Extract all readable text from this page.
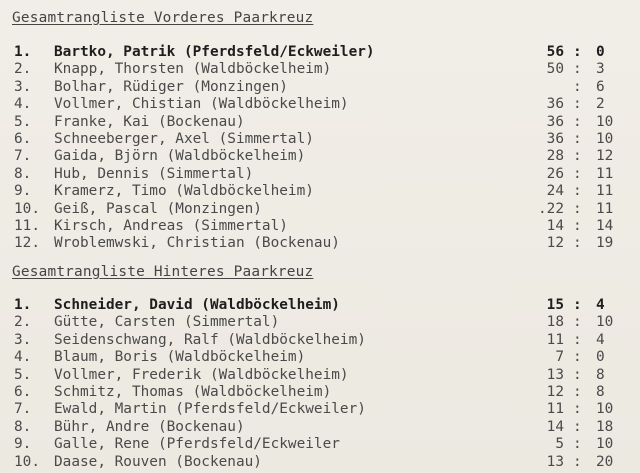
Gesamtrangliste Vorderes Paarkreuz
1. Bartko, Patrik (Pferdsfeld/Eckweiler)	56 : 0
2. Knapp, Thorsten (Waldböckelheim)	50 : 3
3. Bolhar, Rüdiger (Monzingen)	: 6
4. Vollmer, Chistian (Waldböckelheim)	36 : 2
5. Franke, Kai (Bockenau)	36 : 10
6. Schneeberger, Axel (Simmertal)	36 : 10
7. Gaida, Björn (Waldböckelheim)	28 : 12
8. Hub, Dennis (Simmertal)	26 : 11
9. Kramerz, Timo (Waldböckelheim)	24 : 11
10. Geiß, Pascal (Monzingen)	.22 : 11
11. Kirsch, Andreas (Simmertal)	14 : 14
12. Wroblemwski, Christian (Bockenau)	12 : 19
Gesamtrangliste Hinteres Paarkreuz
1. Schneider, David (Waldböckelheim)	15 : 4
2. Gütte, Carsten (Simmertal)	18 : 10
3. Seidenschwang, Ralf (Waldböckelheim)	11 : 4
4. Blaum, Boris (Waldböckelheim)	7 : 0
5. Vollmer, Frederik (Waldböckelheim)	13 : 8
6. Schmitz, Thomas (Waldböckelheim)	12 : 8
7. Ewald, Martin (Pferdsfeld/Eckweiler)	11 : 10
8. Bühr, Andre (Bockenau)	14 : 18
9. Galle, Rene (Pferdsfeld/Eckweiler	5 : 10
10. Daase, Rouven (Bockenau)	13 : 20
